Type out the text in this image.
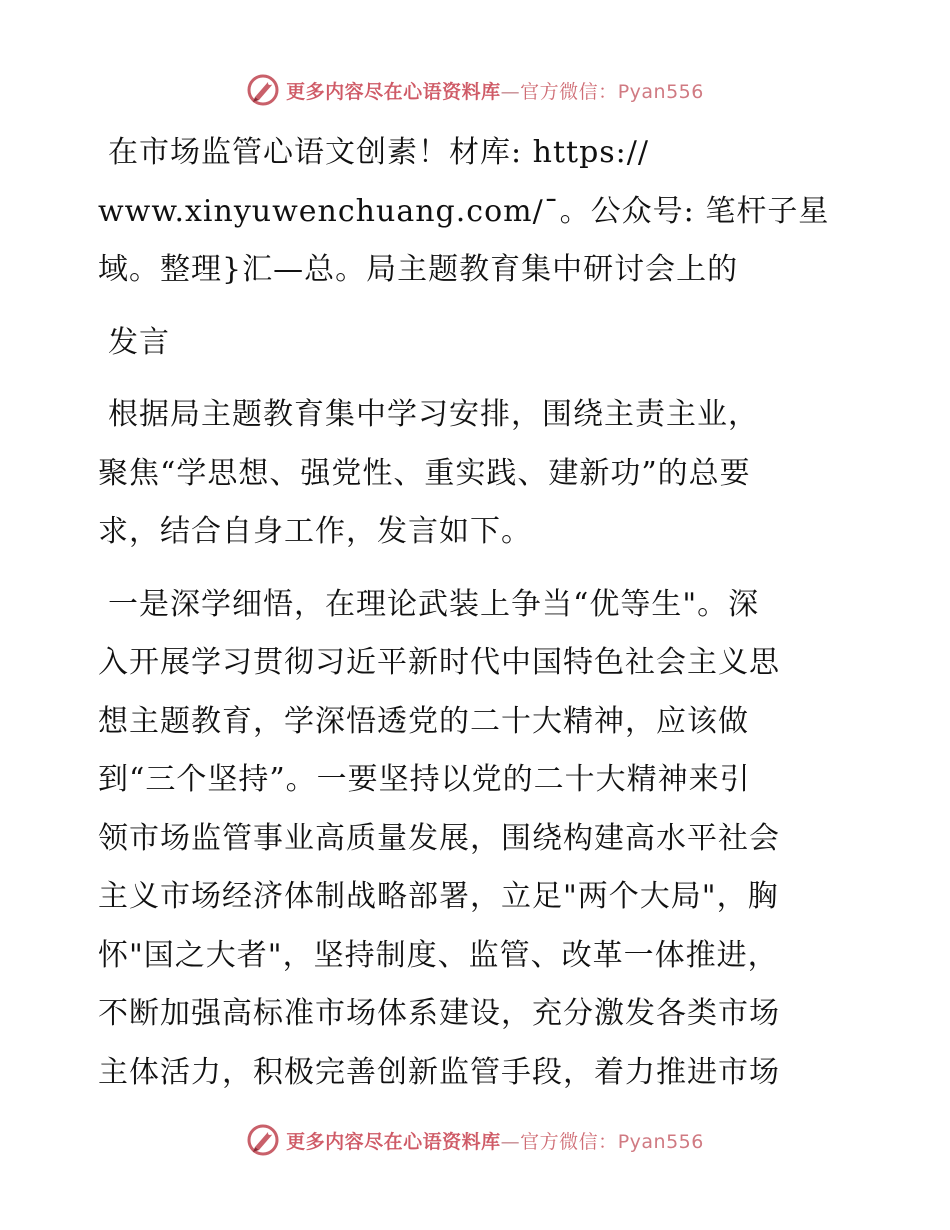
更多内容尽在心语资料库—官方微信：Pyan556
在市场监管心语文创素！材库: https://
www.xinyuwenchuang.com/¯。公众号: 笔杆子星
域。整理}汇—总。局主题教育集中研讨会上的
发言
根据局主题教育集中学习安排，围绕主责主业，
聚焦“学思想、强党性、重实践、建新功”的总要
求，结合自身工作，发言如下。
一是深学细悟，在理论武装上争当“优等生"。深
入开展学习贯彻习近平新时代中国特色社会主义思
想主题教育，学深悟透党的二十大精神，应该做
到“三个坚持”。一要坚持以党的二十大精神来引
领市场监管事业高质量发展，围绕构建高水平社会
主义市场经济体制战略部署，立足"两个大局"，胸
怀"国之大者"，坚持制度、监管、改革一体推进，
不断加强高标准市场体系建设，充分激发各类市场
主体活力，积极完善创新监管手段，着力推进市场
更多内容尽在心语资料库—官方微信：Pyan556
